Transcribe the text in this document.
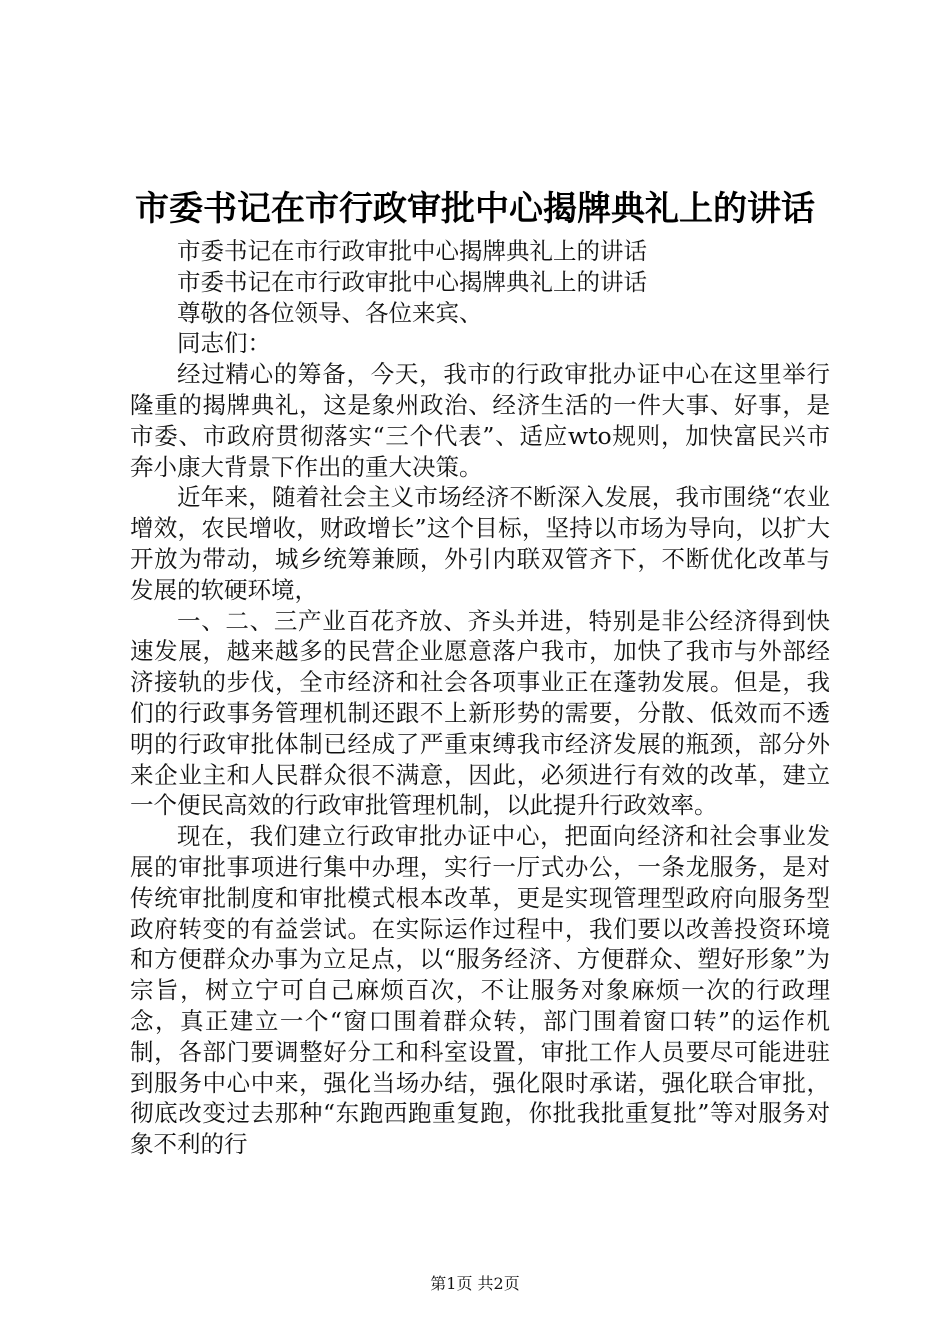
市委书记在市行政审批中心揭牌典礼上的讲话

市委书记在市行政审批中心揭牌典礼上的讲话

市委书记在市行政审批中心揭牌典礼上的讲话

尊敬的各位领导、各位来宾、

同志们：

经过精心的筹备，今天，我市的行政审批办证中心在这里举行隆重的揭牌典礼，这是象州政治、经济生活的一件大事、好事，是市委、市政府贯彻落实“三个代表”、适应wto规则，加快富民兴市奔小康大背景下作出的重大决策。

近年来，随着社会主义市场经济不断深入发展，我市围绕“农业增效，农民增收，财政增长”这个目标，坚持以市场为导向，以扩大开放为带动，城乡统筹兼顾，外引内联双管齐下，不断优化改革与发展的软硬环境，

一、二、三产业百花齐放、齐头并进，特别是非公经济得到快速发展，越来越多的民营企业愿意落户我市，加快了我市与外部经济接轨的步伐，全市经济和社会各项事业正在蓬勃发展。但是，我们的行政事务管理机制还跟不上新形势的需要，分散、低效而不透明的行政审批体制已经成了严重束缚我市经济发展的瓶颈，部分外来企业主和人民群众很不满意，因此，必须进行有效的改革，建立一个便民高效的行政审批管理机制，以此提升行政效率。

现在，我们建立行政审批办证中心，把面向经济和社会事业发展的审批事项进行集中办理，实行一厅式办公，一条龙服务，是对传统审批制度和审批模式根本改革，更是实现管理型政府向服务型政府转变的有益尝试。在实际运作过程中，我们要以改善投资环境和方便群众办事为立足点，以“服务经济、方便群众、塑好形象”为宗旨，树立宁可自己麻烦百次，不让服务对象麻烦一次的行政理念，真正建立一个“窗口围着群众转，部门围着窗口转”的运作机制，各部门要调整好分工和科室设置，审批工作人员要尽可能进驻到服务中心中来，强化当场办结，强化限时承诺，强化联合审批，彻底改变过去那种“东跑西跑重复跑，你批我批重复批”等对服务对象不利的行

第1页 共2页
